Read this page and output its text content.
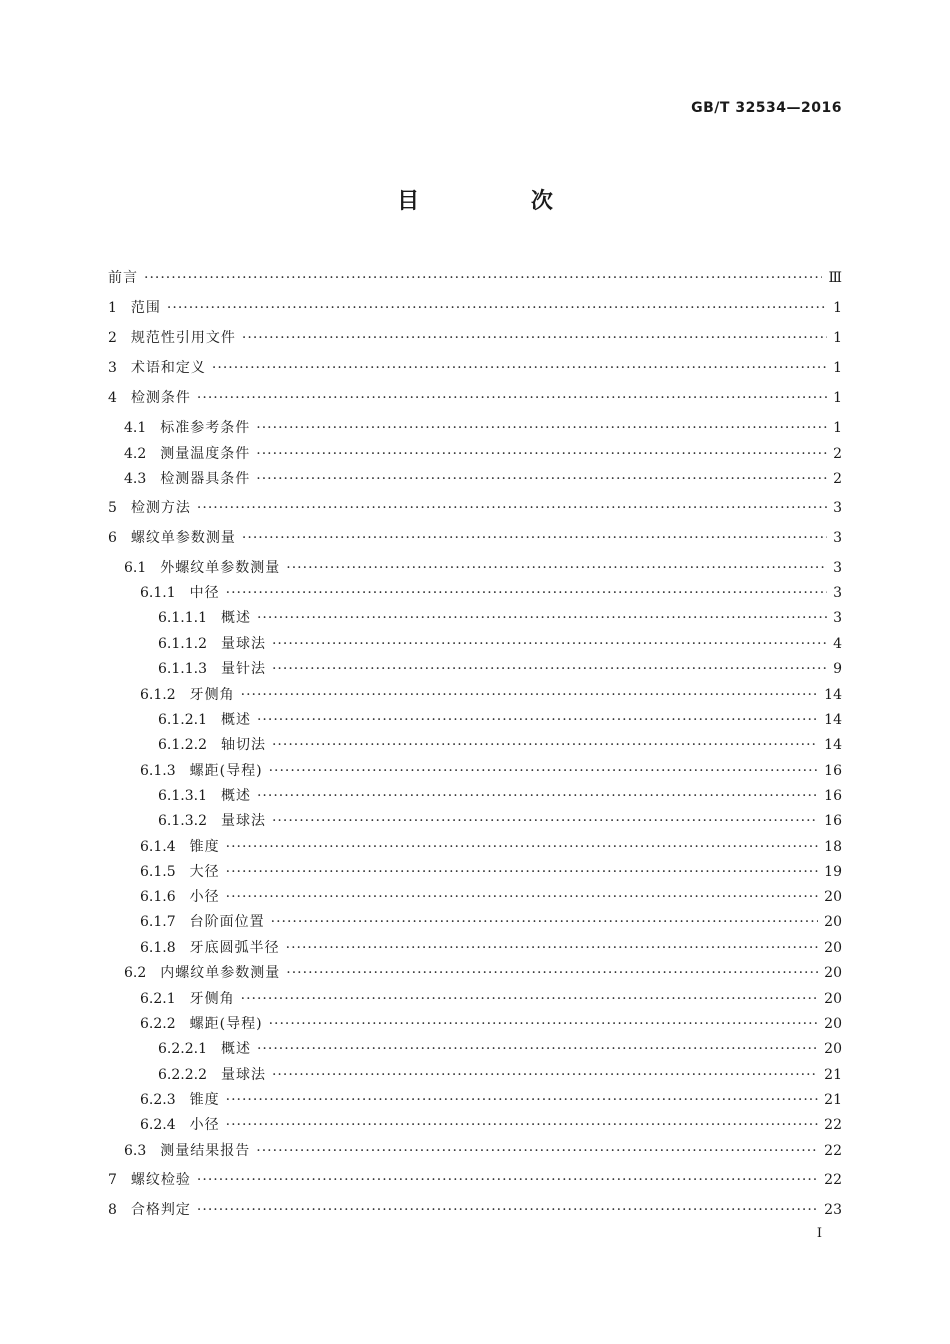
GB/T 32534—2016
目 次
前言 ·····	Ⅲ
1 范围 ·····	1
2 规范性引用文件 ·····	1
3 术语和定义 ·····	1
4 检测条件 ·····	1
4.1 标准参考条件 ·····	1
4.2 测量温度条件 ·····	2
4.3 检测器具条件 ·····	2
5 检测方法 ·····	3
6 螺纹单参数测量 ·····	3
6.1 外螺纹单参数测量 ·····	3
6.1.1 中径 ·····	3
6.1.1.1 概述 ·····	3
6.1.1.2 量球法 ·····	4
6.1.1.3 量针法 ·····	9
6.1.2 牙侧角 ·····	14
6.1.2.1 概述 ·····	14
6.1.2.2 轴切法 ·····	14
6.1.3 螺距(导程) ·····	16
6.1.3.1 概述 ·····	16
6.1.3.2 量球法 ·····	16
6.1.4 锥度 ·····	18
6.1.5 大径 ·····	19
6.1.6 小径 ·····	20
6.1.7 台阶面位置 ·····	20
6.1.8 牙底圆弧半径 ·····	20
6.2 内螺纹单参数测量 ·····	20
6.2.1 牙侧角 ·····	20
6.2.2 螺距(导程) ·····	20
6.2.2.1 概述 ·····	20
6.2.2.2 量球法 ·····	21
6.2.3 锥度 ·····	21
6.2.4 小径 ·····	22
6.3 测量结果报告 ·····	22
7 螺纹检验 ·····	22
8 合格判定 ·····	23
I
